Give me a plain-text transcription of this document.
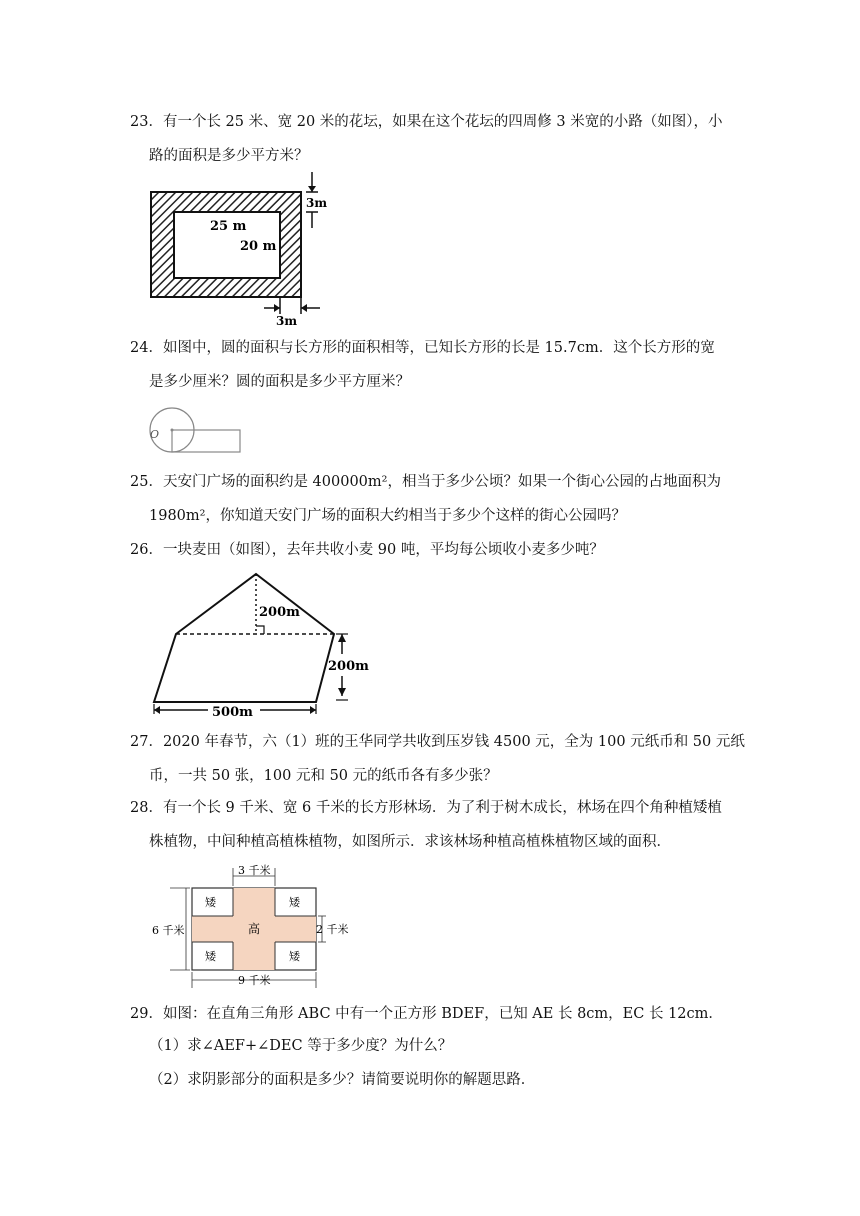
23．有一个长 25 米、宽 20 米的花坛，如果在这个花坛的四周修 3 米宽的小路（如图），小
路的面积是多少平方米？
25 m
20 m
3m
3m
24．如图中，圆的面积与长方形的面积相等，已知长方形的长是 15.7cm．这个长方形的宽
是多少厘米？圆的面积是多少平方厘米？
O
25．天安门广场的面积约是 400000m²，相当于多少公顷？如果一个街心公园的占地面积为
1980m²，你知道天安门广场的面积大约相当于多少个这样的街心公园吗？
26．一块麦田（如图），去年共收小麦 90 吨，平均每公顷收小麦多少吨？
200m
200m
500m
27．2020 年春节，六（1）班的王华同学共收到压岁钱 4500 元，全为 100 元纸币和 50 元纸
币，一共 50 张，100 元和 50 元的纸币各有多少张？
28．有一个长 9 千米、宽 6 千米的长方形林场．为了利于树木成长，林场在四个角种植矮植
株植物，中间种植高植株植物，如图所示．求该林场种植高植株植物区域的面积．
矮	矮
矮	矮
高
3 千米
6 千米	2 千米
9 千米
29．如图：在直角三角形 ABC 中有一个正方形 BDEF，已知 AE 长 8cm，EC 长 12cm．
（1）求∠AEF+∠DEC 等于多少度？为什么？
（2）求阴影部分的面积是多少？请简要说明你的解题思路．
